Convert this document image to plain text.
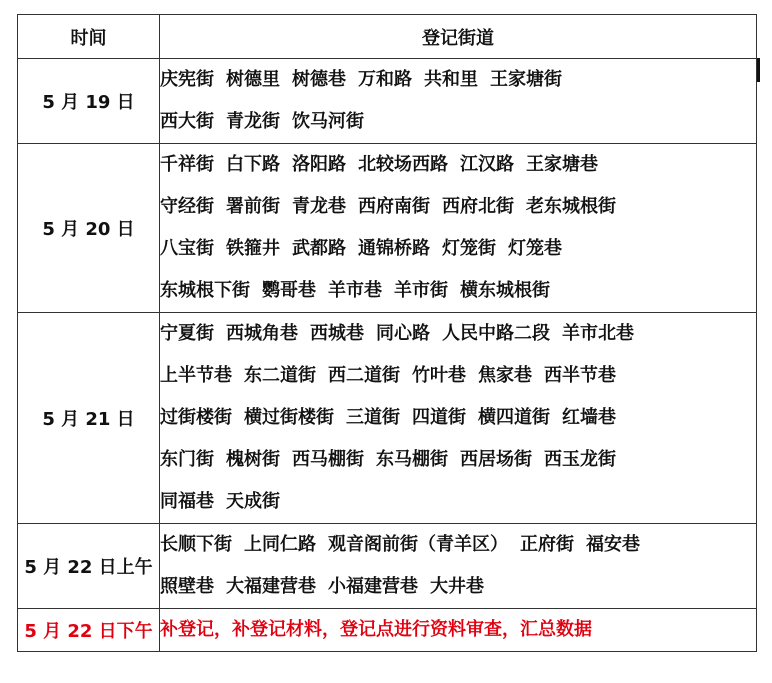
时间	登记街道
5 月 19 日	庆宪街 树德里 树德巷 万和路 共和里 王家塘街
西大街 青龙街 饮马河街

5 月 20 日	千祥街 白下路 洛阳路 北较场西路 江汉路 王家塘巷
守经街 署前街 青龙巷 西府南街 西府北街 老东城根街
八宝街 铁箍井 武都路 通锦桥路 灯笼街 灯笼巷
东城根下街 鹦哥巷 羊市巷 羊市街 横东城根街

5 月 21 日	宁夏街 西城角巷 西城巷 同心路 人民中路二段 羊市北巷
上半节巷 东二道街 西二道街 竹叶巷 焦家巷 西半节巷
过街楼街 横过街楼街 三道街 四道街 横四道街 红墙巷
东门街 槐树街 西马棚街 东马棚街 西居场街 西玉龙街
同福巷 天成街

5 月 22 日上午	长顺下街 上同仁路 观音阁前街（青羊区） 正府街 福安巷
照壁巷 大福建营巷 小福建营巷 大井巷

5 月 22 日下午	补登记，补登记材料，登记点进行资料审查，汇总数据
